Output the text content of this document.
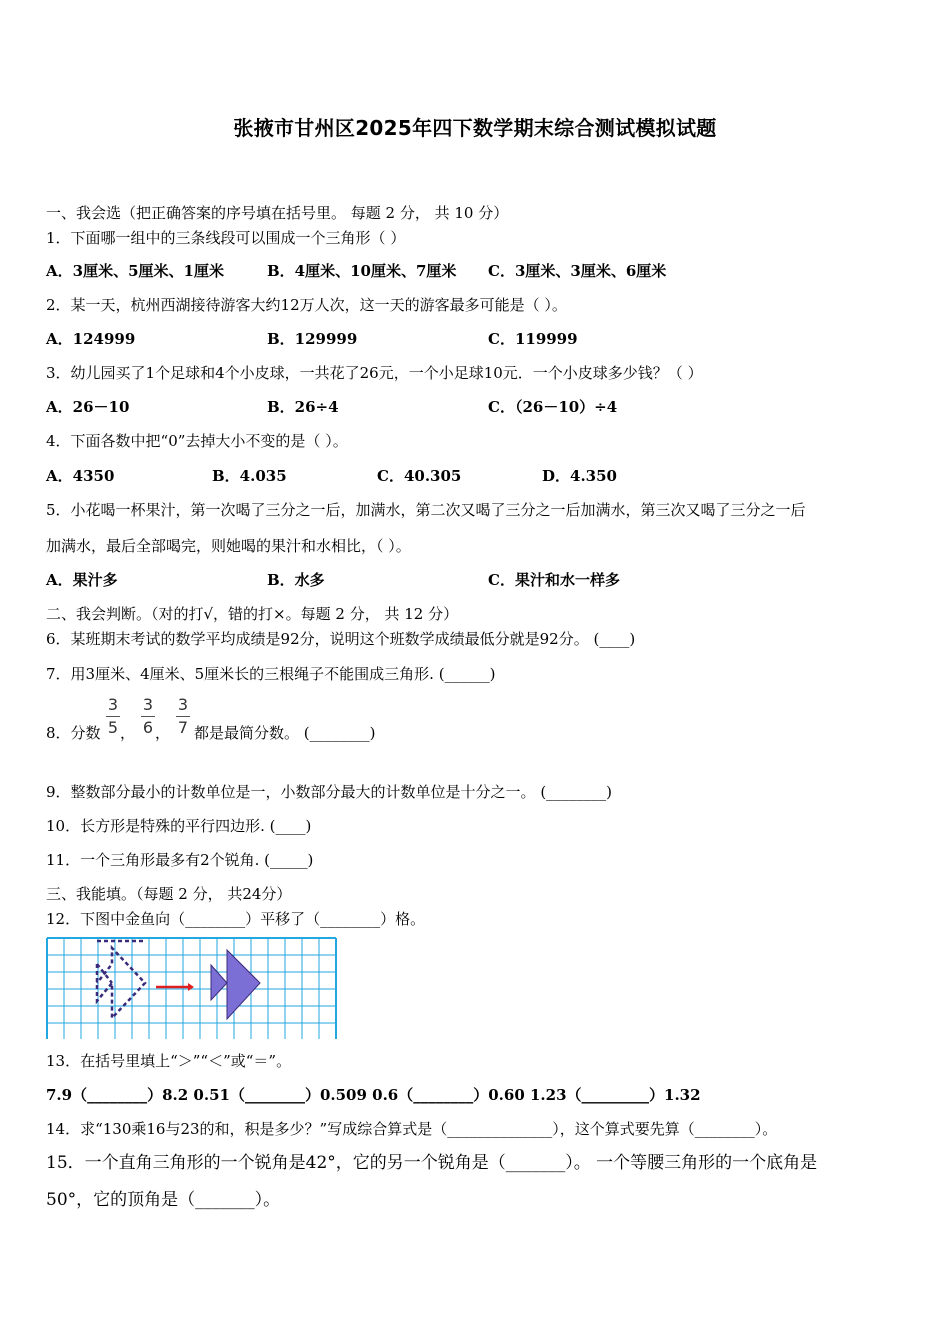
张掖市甘州区2025年四下数学期末综合测试模拟试题
一、我会选（把正确答案的序号填在括号里。 每题 2 分， 共 10 分）
1．下面哪一组中的三条线段可以围成一个三角形（ ）
A．3厘米、5厘米、1厘米	B．4厘米、10厘米、7厘米 C．3厘米、3厘米、6厘米
2．某一天，杭州西湖接待游客大约12万人次，这一天的游客最多可能是（ ）。
A．124999	B．129999	C．119999
3．幼儿园买了1个足球和4个小皮球，一共花了26元，一个小足球10元．一个小皮球多少钱？（ ）
A．26－10	B．26÷4	C．（26－10）÷4
4．下面各数中把“0”去掉大小不变的是（ ）。
A．4350	B．4.035	C．40.305	D．4.350
5．小花喝一杯果汁，第一次喝了三分之一后，加满水，第二次又喝了三分之一后加满水，第三次又喝了三分之一后
加满水，最后全部喝完，则她喝的果汁和水相比，（ ）。
A．果汁多	B．水多	C．果汁和水一样多
二、我会判断。（对的打√，错的打×。每题 2 分， 共 12 分）
6．某班期末考试的数学平均成绩是92分，说明这个班数学成绩最低分就是92分。 (____)
7．用3厘米、4厘米、5厘米长的三根绳子不能围成三角形. (______)
8．分数
3
5 ，
3
6 ，
3
7 都是最简分数。 (________)
9．整数部分最小的计数单位是一，小数部分最大的计数单位是十分之一。 (________)
10．长方形是特殊的平行四边形. (____)
11．一个三角形最多有2个锐角. (_____)
三、我能填。（每题 2 分， 共24分）
12．下图中金鱼向（________）平移了（________）格。
13．在括号里填上“＞”“＜”或“＝”。
7.9（________）8.2 0.51（________）0.509 0.6（________）0.60 1.23（_________）1.32
14．求“130乘16与23的和，积是多少？”写成综合算式是（______________），这个算式要先算（________）。
15．一个直角三角形的一个锐角是42°，它的另一个锐角是（_______）。 一个等腰三角形的一个底角是
50°，它的顶角是（_______）。
